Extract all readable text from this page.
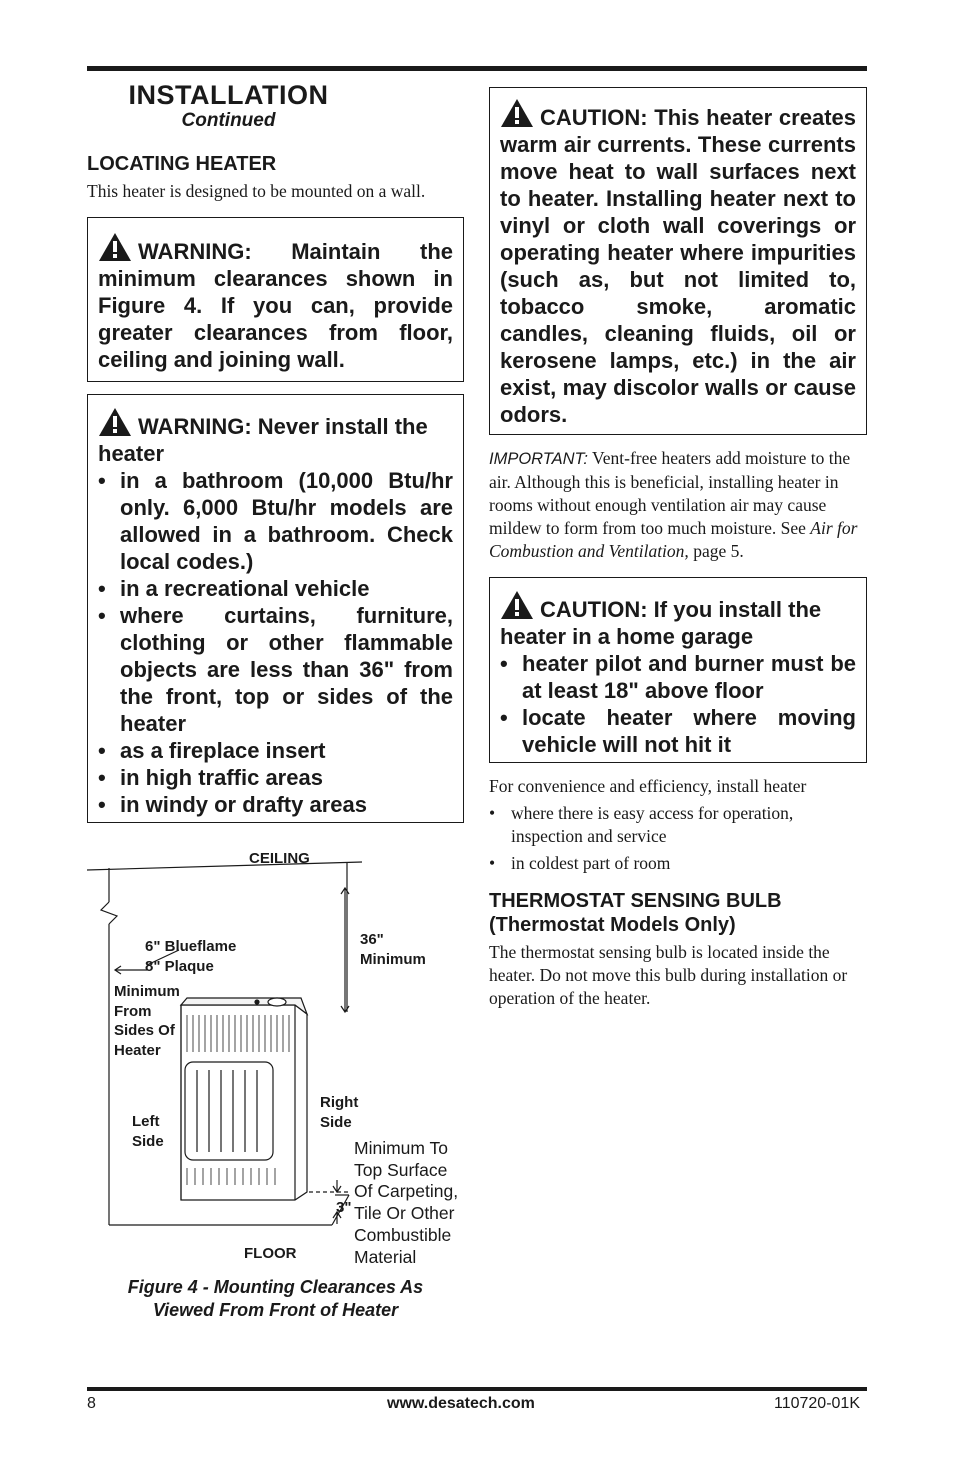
INSTALLATION
Continued
LOCATING HEATER
This heater is designed to be mounted on a wall.
WARNING: Maintain the minimum clearances shown in Figure 4. If you can, provide greater clearances from floor, ceiling and joining wall.
WARNING: Never install the heater
• in a bathroom (10,000 Btu/hr only. 6,000 Btu/hr models are allowed in a bathroom. Check local codes.)
• in a recreational vehicle
• where curtains, furniture, clothing or other flammable objects are less than 36" from the front, top or sides of the heater
• as a fireplace insert
• in high traffic areas
• in windy or drafty areas
CEILING
36"
Minimum
6" Blueflame
8" Plaque
Minimum
From
Sides Of
Heater
Left
Side
Right
Side
3"
Minimum To
Top Surface
Of Carpeting,
Tile Or Other
Combustible
Material
FLOOR
Figure 4 - Mounting Clearances As
Viewed From Front of Heater
CAUTION: This heater creates warm air currents. These currents move heat to wall surfaces next to heater. Installing heater next to vinyl or cloth wall coverings or operating heater where impurities (such as, but not limited to, tobacco smoke, aromatic candles, cleaning fluids, oil or kerosene lamps, etc.) in the air exist, may discolor walls or cause odors.
IMPORTANT: Vent-free heaters add moisture to the air. Although this is beneficial, installing heater in rooms without enough ventilation air may cause mildew to form from too much moisture. See Air for Combustion and Ventilation, page 5.
CAUTION: If you install the heater in a home garage
• heater pilot and burner must be at least 18" above floor
• locate heater where moving vehicle will not hit it
For convenience and efficiency, install heater
• where there is easy access for operation, inspection and service
• in coldest part of room
THERMOSTAT SENSING BULB
(Thermostat Models Only)
The thermostat sensing bulb is located inside the heater. Do not move this bulb during installation or operation of the heater.
8	www.desatech.com	110720-01K
